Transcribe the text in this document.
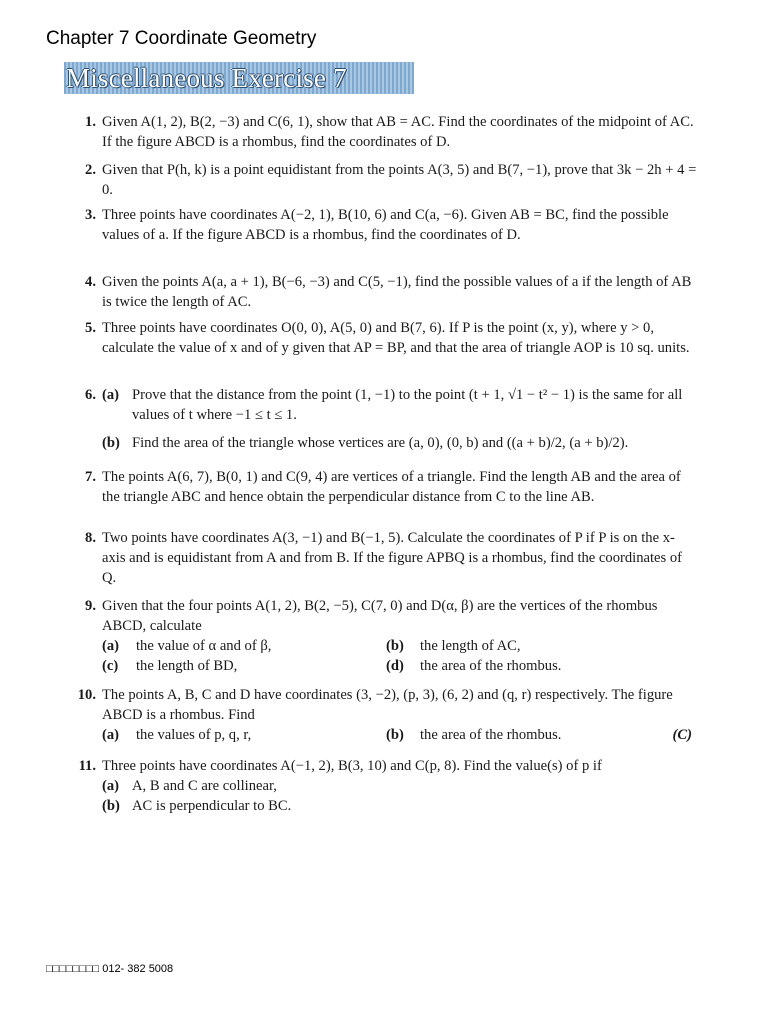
Chapter 7 Coordinate Geometry
Miscellaneous Exercise 7
1. Given A(1, 2), B(2, −3) and C(6, 1), show that AB = AC. Find the coordinates of the midpoint of AC. If the figure ABCD is a rhombus, find the coordinates of D.
2. Given that P(h, k) is a point equidistant from the points A(3, 5) and B(7, −1), prove that 3k − 2h + 4 = 0.
3. Three points have coordinates A(−2, 1), B(10, 6) and C(a, −6). Given AB = BC, find the possible values of a. If the figure ABCD is a rhombus, find the coordinates of D.
4. Given the points A(a, a + 1), B(−6, −3) and C(5, −1), find the possible values of a if the length of AB is twice the length of AC.
5. Three points have coordinates O(0, 0), A(5, 0) and B(7, 6). If P is the point (x, y), where y > 0, calculate the value of x and of y given that AP = BP, and that the area of triangle AOP is 10 sq. units.
6. (a) Prove that the distance from the point (1, −1) to the point (t + 1, √1 − t² − 1) is the same for all values of t where −1 ≤ t ≤ 1.
(b) Find the area of the triangle whose vertices are (a, 0), (0, b) and ((a + b)/2, (a + b)/2).
7. The points A(6, 7), B(0, 1) and C(9, 4) are vertices of a triangle. Find the length AB and the area of the triangle ABC and hence obtain the perpendicular distance from C to the line AB.
8. Two points have coordinates A(3, −1) and B(−1, 5). Calculate the coordinates of P if P is on the x-axis and is equidistant from A and from B. If the figure APBQ is a rhombus, find the coordinates of Q.
9. Given that the four points A(1, 2), B(2, −5), C(7, 0) and D(α, β) are the vertices of the rhombus ABCD, calculate
(a)	the value of α and of β,	(b)	the length of AC,
(c)	the length of BD,	(d)	the area of the rhombus.
10. The points A, B, C and D have coordinates (3, −2), (p, 3), (6, 2) and (q, r) respectively. The figure ABCD is a rhombus. Find
(a)	the values of p, q, r,	(b)	the area of the rhombus.	(C)
11. Three points have coordinates A(−1, 2), B(3, 10) and C(p, 8). Find the value(s) of p if
(a) A, B and C are collinear,
(b) AC is perpendicular to BC.
□□□□□□□□ 012- 382 5008
